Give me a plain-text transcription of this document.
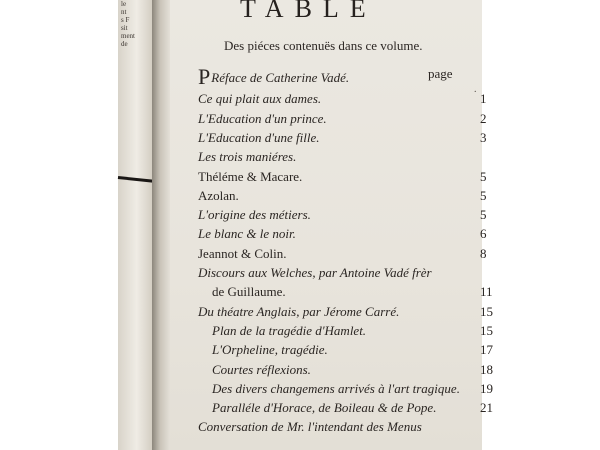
le
nt
s F
sit
ment
de
TABLE
Des piéces contenuës dans ce volume.
page
.
PRéface de Catherine Vadé.
Ce qui plait aux dames.	1
L'Education d'un prince.	2
L'Education d'une fille.	3
Les trois maniéres.
Théléme & Macare.	5
Azolan.	5
L'origine des métiers.	5
Le blanc & le noir.	6
Jeannot & Colin.	8
Discours aux Welches, par Antoine Vadé frèr
de Guillaume.	11
Du théatre Anglais, par Jérome Carré.	15
Plan de la tragédie d'Hamlet.	15
L'Orpheline, tragédie.	17
Courtes réflexions.	18
Des divers changemens arrivés à l'art tragique. 19
Paralléle d'Horace, de Boileau & de Pope.	21
Conversation de Mr. l'intendant des Menus
